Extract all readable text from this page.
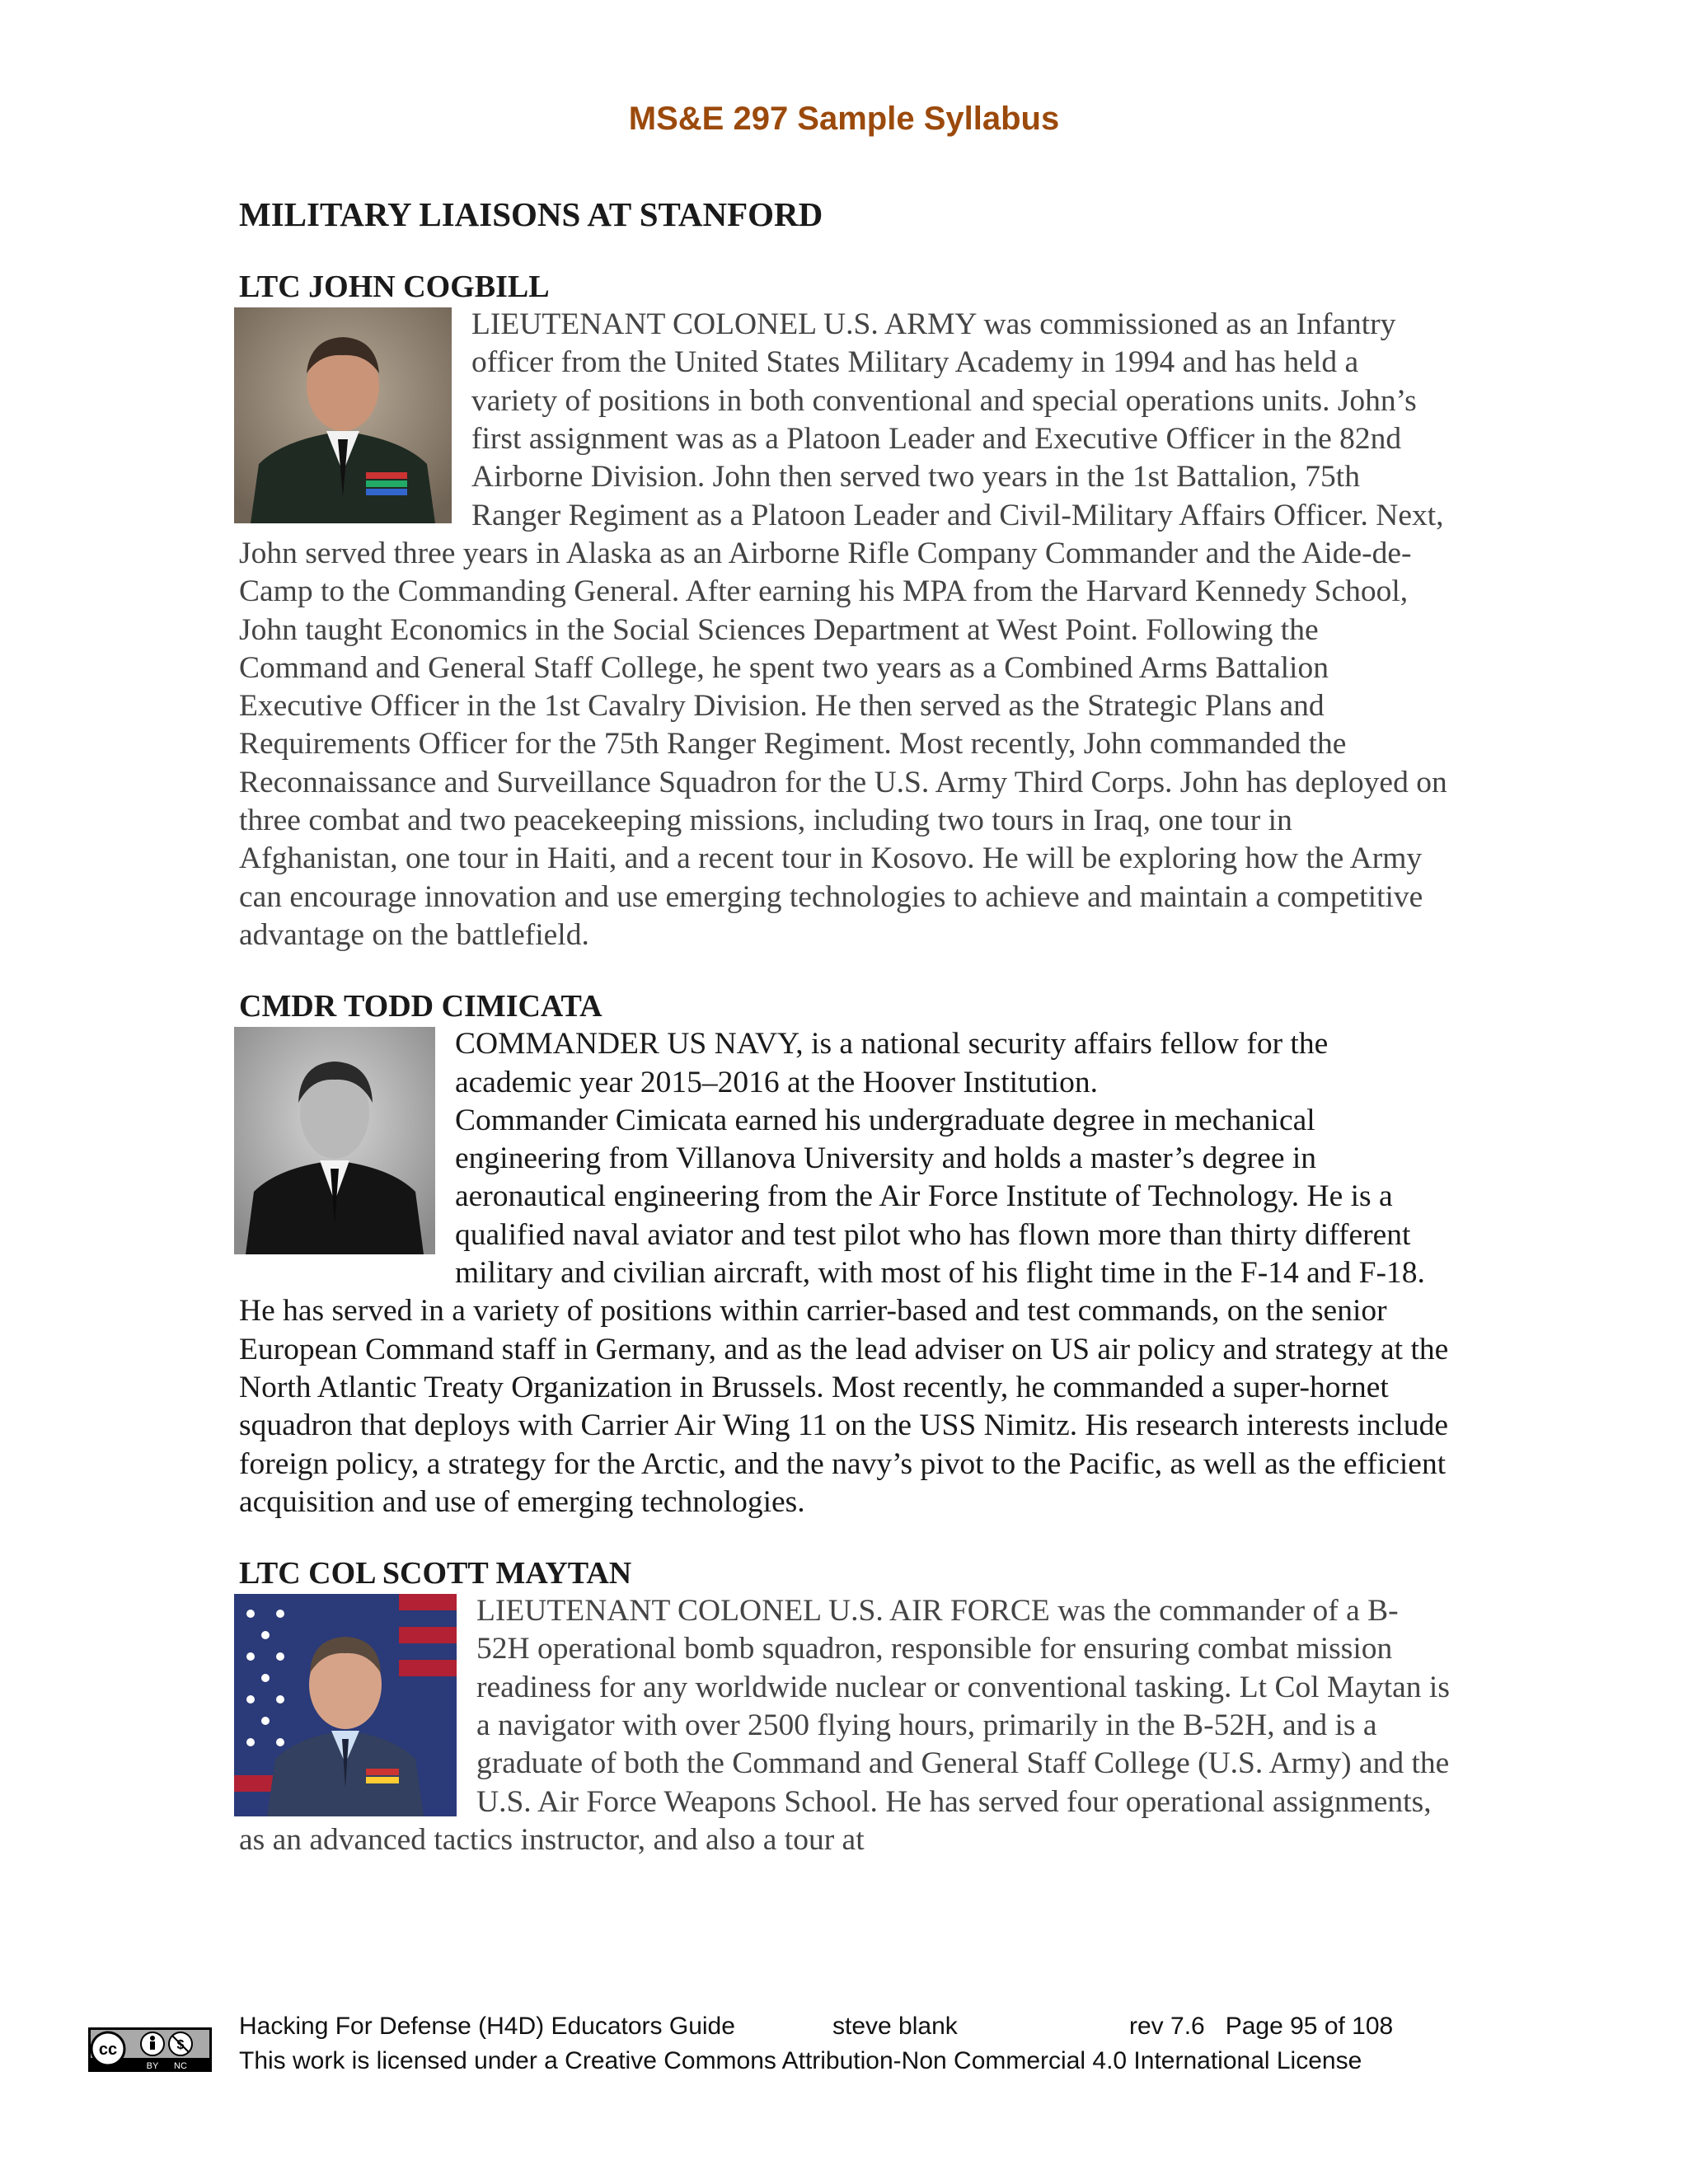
MS&E 297 Sample Syllabus
MILITARY LIAISONS AT STANFORD
LTC JOHN COGBILL

LIEUTENANT COLONEL U.S. ARMY was commissioned as an Infantry officer from the United States Military Academy in 1994 and has held a variety of positions in both conventional and special operations units. John’s first assignment was as a Platoon Leader and Executive Officer in the 82nd Airborne Division. John then served two years in the 1st Battalion, 75th Ranger Regiment as a Platoon Leader and Civil-Military Affairs Officer. Next, John served three years in Alaska as an Airborne Rifle Company Commander and the Aide-de-Camp to the Commanding General. After earning his MPA from the Harvard Kennedy School, John taught Economics in the Social Sciences Department at West Point. Following the Command and General Staff College, he spent two years as a Combined Arms Battalion Executive Officer in the 1st Cavalry Division. He then served as the Strategic Plans and Requirements Officer for the 75th Ranger Regiment. Most recently, John commanded the Reconnaissance and Surveillance Squadron for the U.S. Army Third Corps. John has deployed on three combat and two peacekeeping missions, including two tours in Iraq, one tour in Afghanistan, one tour in Haiti, and a recent tour in Kosovo. He will be exploring how the Army can encourage innovation and use emerging technologies to achieve and maintain a competitive advantage on the battlefield.

CMDR TODD CIMICATA

COMMANDER US NAVY, is a national security affairs fellow for the academic year 2015–2016 at the Hoover Institution.

Commander Cimicata earned his undergraduate degree in mechanical engineering from Villanova University and holds a master’s degree in aeronautical engineering from the Air Force Institute of Technology. He is a qualified naval aviator and test pilot who has flown more than thirty different military and civilian aircraft, with most of his flight time in the F-14 and F-18. He has served in a variety of positions within carrier-based and test commands, on the senior European Command staff in Germany, and as the lead adviser on US air policy and strategy at the North Atlantic Treaty Organization in Brussels. Most recently, he commanded a super-hornet squadron that deploys with Carrier Air Wing 11 on the USS Nimitz. His research interests include foreign policy, a strategy for the Arctic, and the navy’s pivot to the Pacific, as well as the efficient acquisition and use of emerging technologies.

LTC COL SCOTT MAYTAN

LIEUTENANT COLONEL U.S. AIR FORCE was the commander of a B-52H operational bomb squadron, responsible for ensuring combat mission readiness for any worldwide nuclear or conventional tasking. Lt Col Maytan is a navigator with over 2500 flying hours, primarily in the B-52H, and is a graduate of both the Command and General Staff College (U.S. Army) and the U.S. Air Force Weapons School. He has served four operational assignments, as an advanced tactics instructor, and also a tour at

cc	$
BY NC
Hacking For Defense (H4D) Educators Guide	steve blank	rev 7.6   Page 95 of 108
This work is licensed under a Creative Commons Attribution-Non Commercial 4.0 International License
